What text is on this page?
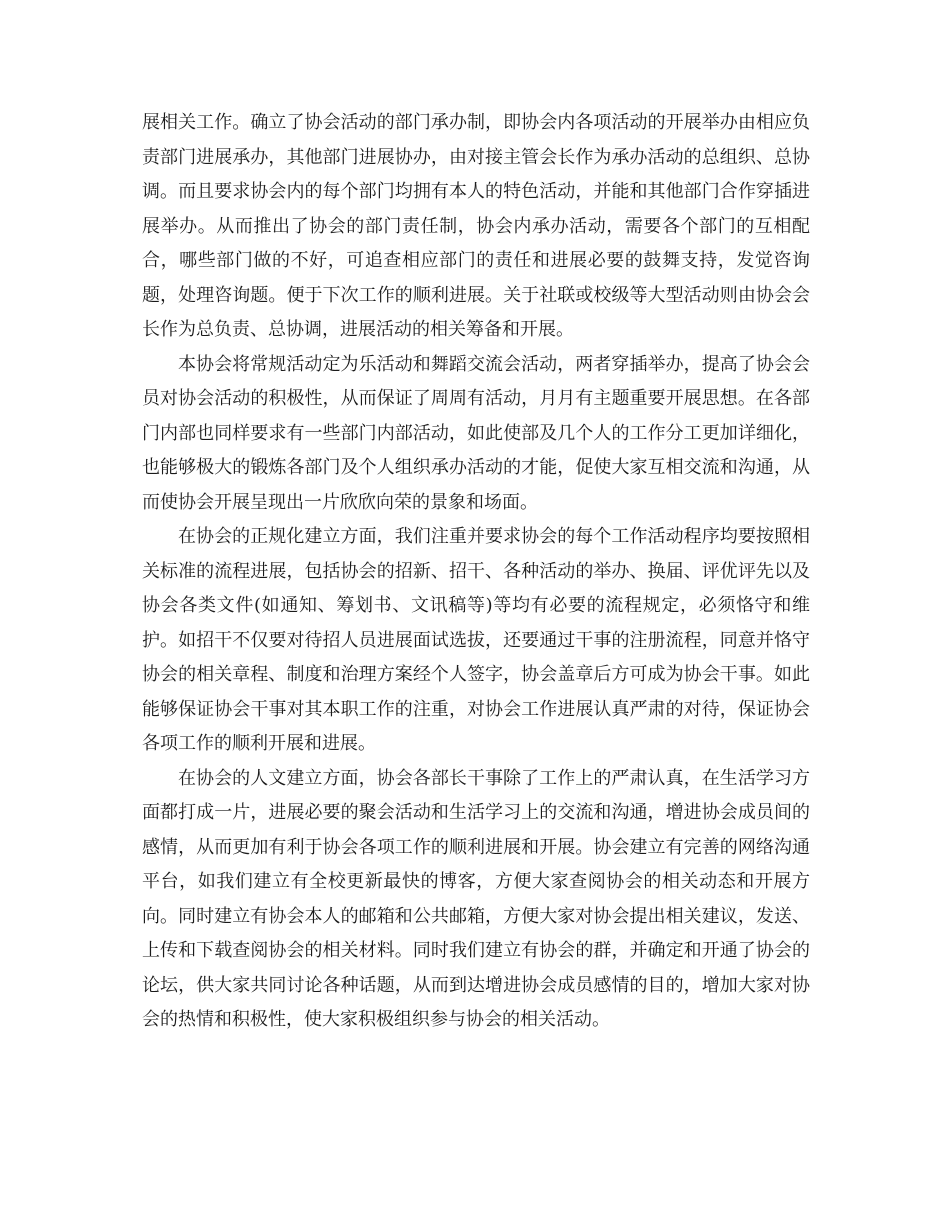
展相关工作。确立了协会活动的部门承办制，即协会内各项活动的开展举办由相应负责部门进展承办，其他部门进展协办，由对接主管会长作为承办活动的总组织、总协调。而且要求协会内的每个部门均拥有本人的特色活动，并能和其他部门合作穿插进展举办。从而推出了协会的部门责任制，协会内承办活动，需要各个部门的互相配合，哪些部门做的不好，可追查相应部门的责任和进展必要的鼓舞支持，发觉咨询题，处理咨询题。便于下次工作的顺利进展。关于社联或校级等大型活动则由协会会长作为总负责、总协调，进展活动的相关筹备和开展。

本协会将常规活动定为乐活动和舞蹈交流会活动，两者穿插举办，提高了协会会员对协会活动的积极性，从而保证了周周有活动，月月有主题重要开展思想。在各部门内部也同样要求有一些部门内部活动，如此使部及几个人的工作分工更加详细化，也能够极大的锻炼各部门及个人组织承办活动的才能，促使大家互相交流和沟通，从而使协会开展呈现出一片欣欣向荣的景象和场面。

在协会的正规化建立方面，我们注重并要求协会的每个工作活动程序均要按照相关标准的流程进展，包括协会的招新、招干、各种活动的举办、换届、评优评先以及协会各类文件(如通知、筹划书、文讯稿等)等均有必要的流程规定，必须恪守和维护。如招干不仅要对待招人员进展面试选拔，还要通过干事的注册流程，同意并恪守协会的相关章程、制度和治理方案经个人签字，协会盖章后方可成为协会干事。如此能够保证协会干事对其本职工作的注重，对协会工作进展认真严肃的对待，保证协会各项工作的顺利开展和进展。

在协会的人文建立方面，协会各部长干事除了工作上的严肃认真，在生活学习方面都打成一片，进展必要的聚会活动和生活学习上的交流和沟通，增进协会成员间的感情，从而更加有利于协会各项工作的顺利进展和开展。协会建立有完善的网络沟通平台，如我们建立有全校更新最快的博客，方便大家查阅协会的相关动态和开展方向。同时建立有协会本人的邮箱和公共邮箱，方便大家对协会提出相关建议，发送、上传和下载查阅协会的相关材料。同时我们建立有协会的群，并确定和开通了协会的论坛，供大家共同讨论各种话题，从而到达增进协会成员感情的目的，增加大家对协会的热情和积极性，使大家积极组织参与协会的相关活动。
